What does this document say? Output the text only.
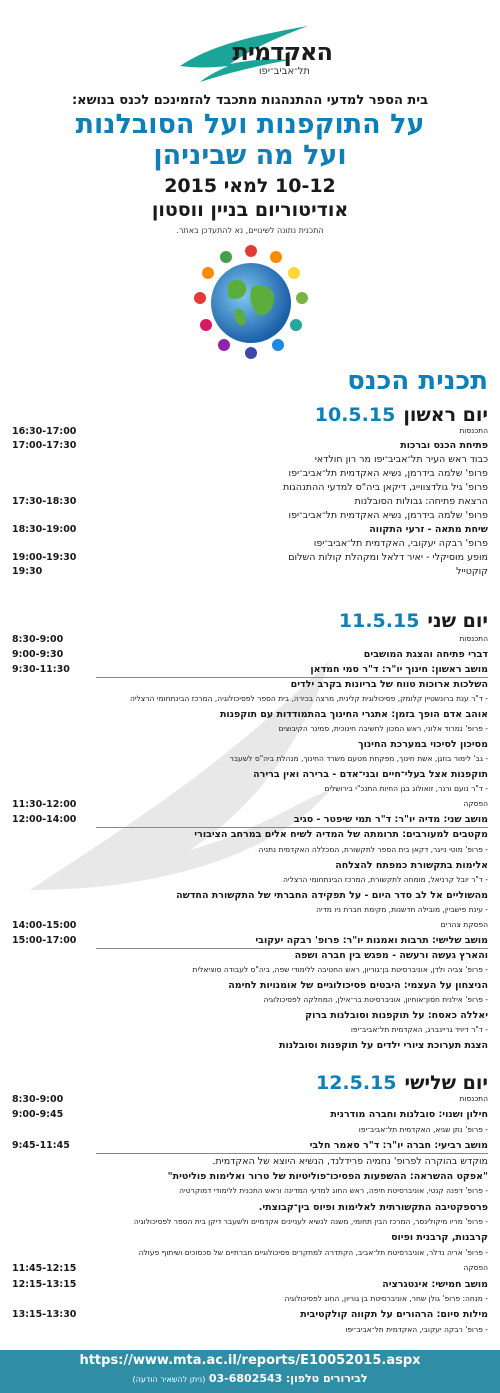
האקדמית
תל־אביב־יפו
בית הספר למדעי ההתנהגות מתכבד להזמינכם לכנס בנושא:
על התוקפנות ועל הסובלנות
ועל מה שביניהן
10-12 למאי 2015
אודיטוריום בניין ווסטון
התכנית נתונה לשינויים, נא להתעדכן באתר.
תכנית הכנס
יום ראשון
10.5.15
16:30-17:00	התכנסות
17:00-17:30	פתיחת הכנס וברכות
כבוד ראש העיר תל־אביב־יפו מר רון חולדאי
פרופ' שלמה בידרמן, נשיא האקדמית תל־אביב־יפו
פרופ' גיל גולדצווייג, דיקאן ביה"ס למדעי ההתנהגות
17:30-18:30	הרצאת פתיחה: גבולות הסובלנות
פרופ' שלמה בידרמן, נשיא האקדמית תל־אביב־יפו
18:30-19:00	שיחת מתאה - זרעי התקווה
פרופ' רבקה יעקובי, האקדמית תל־אביב־יפו
19:00-19:30	מופע מוסיקלי - יאיר דלאל ומקהלת קולות השלום
19:30	קוקטייל
יום שני
11.5.15
8:30-9:00	התכנסות
9:00-9:30	דברי פתיחה והצגת המושבים
9:30-11:30	מושב ראשון: חינוך יו"ר: ד"ר סמי חמדאן
השלכות ארוכות טווח של בריונות בקרב ילדים
- ד"ר ענת ברונשטיין קלומק, פסיכולוגית קלינית, מרצה בכירה, בית הספר לפסיכולוגיה, המרכז הבינתחומי הרצליה
אוהב אדם הופך בזמן: אתגרי החינוך בהתמודדות עם תוקפנות
- פרופ' נמרוד אלוני, ראש המכון לחשיבה חינוכית, סמינר הקיבוצים
מסיכון לסיכוי במערכת החינוך
- גב' לימור בוזגן, אשת חינוך, מפקחת מטעם משרד החינוך, מנהלת ביה"ס לשעבר
תוקפנות אצל בעלי־חיים ובני־אדם - ברירה ואין ברירה
- ד"ר נועם ורנר, זואולוג בגן החיות התנכ"י בירושלים
11:30-12:00	הפסקה
12:00-14:00	מושב שני: מדיה יו"ר: ד"ר תמי שיפטר - סגיב
מקטבים למעורבים: תרומתה של המדיה לשיח אלים במרחב הציבורי
- פרופ' מוטי נייגר, דקאן בית הספר לתקשורת, המכללה האקדמית נתניה
אלימות בתקשורת כמפתח להצלחה
- ד"ר יובל קרניאל, מומחה לתקשורת, המרכז הבינתחומי הרצליה
מהשוליים אל לב סדר היום - על תפקידה החברתי של התקשורת החדשה
- עינת פישביין, מובילה חדשנות, מקימת חברת ניו מדיה
14:00-15:00	הפסקת צהרים
15:00-17:00	מושב שלישי: תרבות ואמנות יו"ר: פרופ' רבקה יעקובי
והארץ געשה ורעשה - מפגש בין חברה ושפה
- פרופ' צביה ולדן, אוניברסיטת בן־גוריון, ראש החטיבה ללימודי שפה, ביה"ס לעבודה סוציאלית
הניצחון על העצמי: היבטים פסיכולוגיים של אומנויות לחימה
- פרופ' אילנית חסון־אוחיון, אוניברסיטת בר־אילן, המחלקה לפסיכולוגיה
יאללה כאסח: על תוקפנות וסובלנות ברוק
- ד"ר דיויד גריינברג, האקדמית תל־אביב־יפו
הצגת תערוכת ציורי ילדים על תוקפנות וסובלנות
יום שלישי
12.5.15
8:30-9:00	התכנסות
9:00-9:45	חילון ושנוי: סובלנות וחברה מודרנית
- פרופ' נתן שגיא, האקדמית תל־אביב־יפו
9:45-11:45	מושב רביעי: חברה יו"ר: ד"ר סאמר חלבי
מוקדש בהוקרה לפרופ' נחמיה פרידלנד, הנשיא היוצא של האקדמית.
"אפקט ההשראה: ההשפעות הפסיכו־פוליטיות של טרור ואלימות פוליטית"
- פרופ' דפנה קנטי, אוניברסיטת חיפה, ראש החוג למדעי המדינה וראש התכנית ללימודי דמוקרטיה
פרספקטיבה התקשורתית לאלימות ופיוס בין־קבוצתי.
- פרופ' מריו מיקולינסר, המרכז הבין תחומי, משנה לנשיא לעניינים אקדמיים ולשעבר דיקן בית הספר לפסיכולוגיה
קרבנות, קרבנית ופיוס
- פרופ' אריה נדלר, אוניברסיטת תל־אביב, הקתדרה למחקרים פסיכולוגיים חברתיים של סכסוכים ושיתוף פעולה
11:45-12:15	הפסקה
12:15-13:15	מושב חמישי: אינטגרציה
- מנחה: פרופ' גולן שחר, אוניברסיטת בן גוריון, החוג לפסיכולוגיה
13:15-13:30	מילות סיום: הרהורים על תקווה קולקטיבית
- פרופ' רבקה יעקובי, האקדמית תל־אביב־יפו
https://www.mta.ac.il/reports/E10052015.aspx
לבירורים טלפון: 03-6802543 (ניתן להשאיר הודעה)
